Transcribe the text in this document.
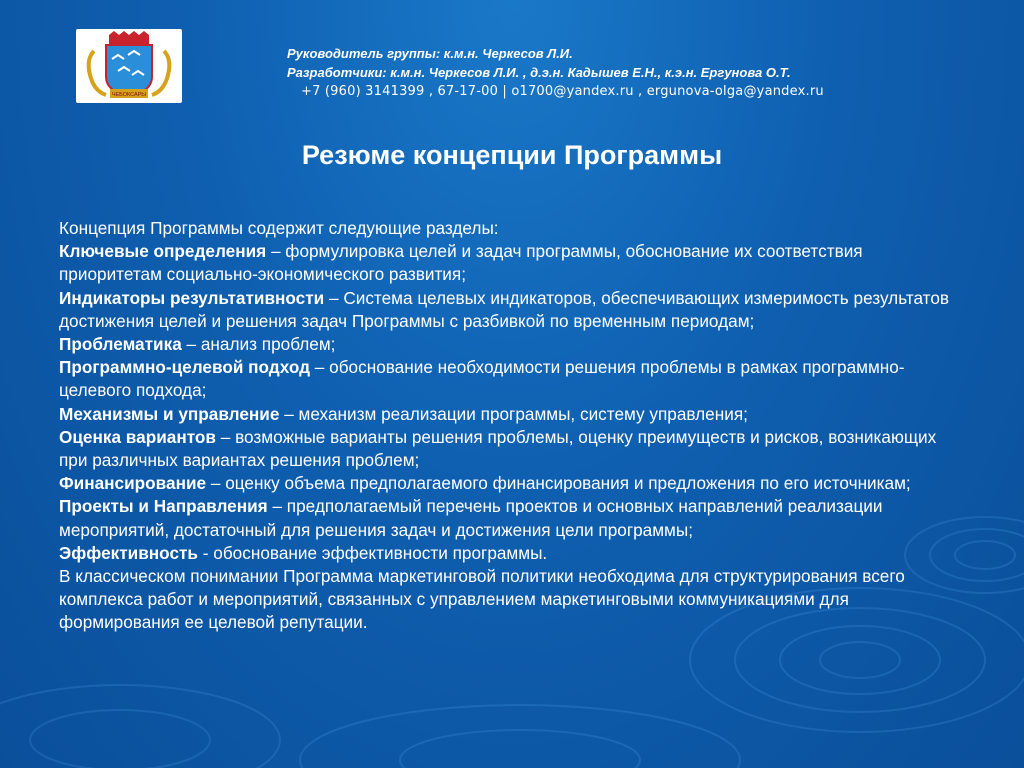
ЧЕБОКСАРЫ
Руководитель группы: к.м.н. Черкесов Л.И.
Разработчики: к.м.н. Черкесов Л.И. , д.э.н. Кадышев Е.Н., к.э.н. Ергунова О.Т.
+7 (960) 3141399 , 67-17-00 | o1700@yandex.ru , ergunova-olga@yandex.ru
Резюме концепции Программы

Концепция Программы содержит следующие разделы:

Ключевые определения – формулировка целей и задач программы, обоснование их соответствия приоритетам социально-экономического развития;

Индикаторы результативности – Система целевых индикаторов, обеспечивающих измеримость результатов достижения целей и решения задач Программы с разбивкой по временным периодам;

Проблематика – анализ проблем;

Программно-целевой подход – обоснование необходимости решения проблемы в рамках программно-целевого подхода;

Механизмы и управление – механизм реализации программы, систему управления;

Оценка вариантов – возможные варианты решения проблемы, оценку преимуществ и рисков, возникающих при различных вариантах решения проблем;

Финансирование – оценку объема предполагаемого финансирования и предложения по его источникам;

Проекты и Направления – предполагаемый перечень проектов и основных направлений реализации мероприятий, достаточный для решения задач и достижения цели программы;

Эффективность - обоснование эффективности программы.

В классическом понимании Программа маркетинговой политики необходима для структурирования всего комплекса работ и мероприятий, связанных с управлением маркетинговыми коммуникациями для формирования ее целевой репутации.
